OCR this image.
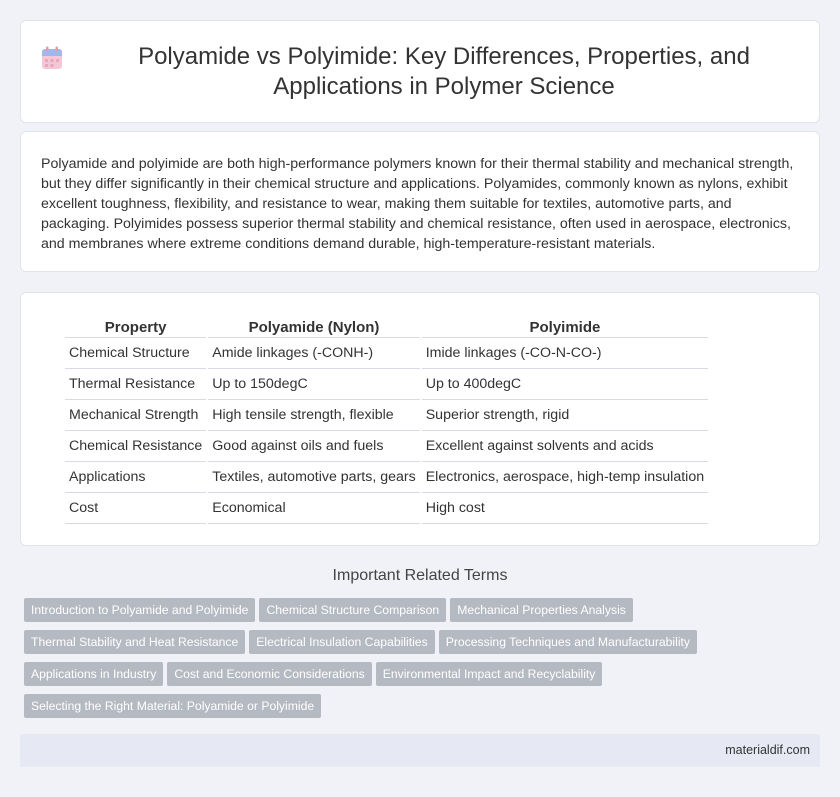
Polyamide vs Polyimide: Key Differences, Properties, and Applications in Polymer Science

Polyamide and polyimide are both high-performance polymers known for their thermal stability and mechanical strength, but they differ significantly in their chemical structure and applications. Polyamides, commonly known as nylons, exhibit excellent toughness, flexibility, and resistance to wear, making them suitable for textiles, automotive parts, and packaging. Polyimides possess superior thermal stability and chemical resistance, often used in aerospace, electronics, and membranes where extreme conditions demand durable, high-temperature-resistant materials.

Property	Polyamide (Nylon)	Polyimide
Chemical Structure	Amide linkages (-CONH-)	Imide linkages (-CO-N-CO-)
Thermal Resistance	Up to 150degC	Up to 400degC
Mechanical Strength	High tensile strength, flexible	Superior strength, rigid
Chemical Resistance	Good against oils and fuels	Excellent against solvents and acids
Applications	Textiles, automotive parts, gears	Electronics, aerospace, high-temp insulation
Cost	Economical	High cost
Important Related Terms
Introduction to Polyamide and Polyimide Chemical Structure Comparison Mechanical Properties Analysis
Thermal Stability and Heat Resistance Electrical Insulation Capabilities Processing Techniques and Manufacturability
Applications in Industry Cost and Economic Considerations Environmental Impact and Recyclability
Selecting the Right Material: Polyamide or Polyimide
materialdif.com
